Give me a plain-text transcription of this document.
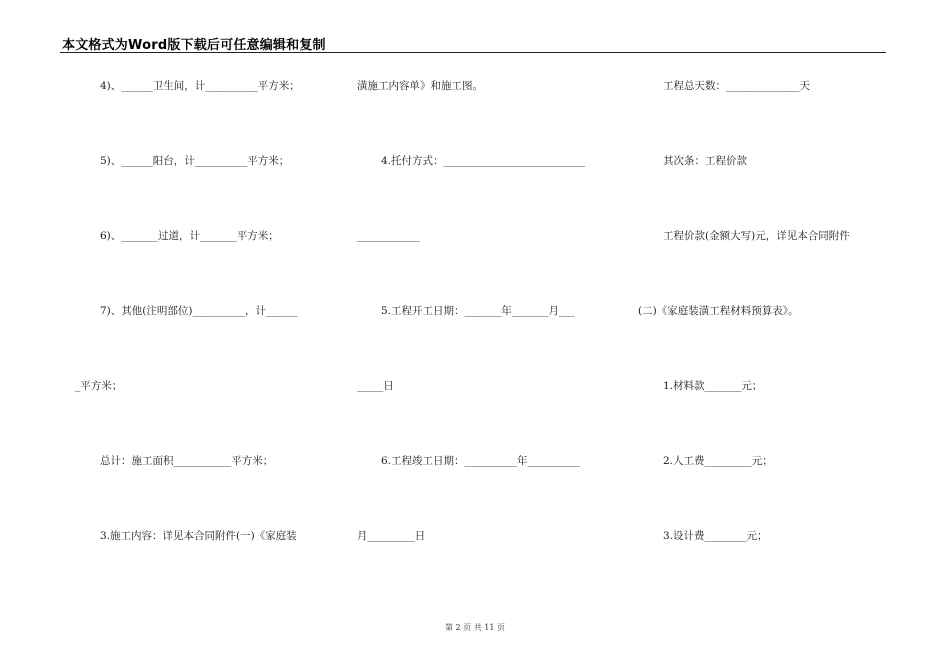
本文格式为Word版下载后可任意编辑和复制
4)、______卫生间，计__________平方米；
5)、______阳台，计__________平方米；
6)、_______过道，计_______平方米；
7)、其他(注明部位)__________，计______
_平方米；
总计：施工面积___________平方米；
3.施工内容：详见本合同附件(一)《家庭装
潢施工内容单》和施工图。
4.托付方式：___________________________
____________
5.工程开工日期：_______年_______月___
_____日
6.工程竣工日期：__________年__________
月_________日
工程总天数：______________天
其次条：工程价款
工程价款(金额大写)元，详见本合同附件
(二)《家庭装潢工程材料预算表》。
1.材料款_______元；
2.人工费_________元；
3.设计费________元；
第 2 页 共 11 页
